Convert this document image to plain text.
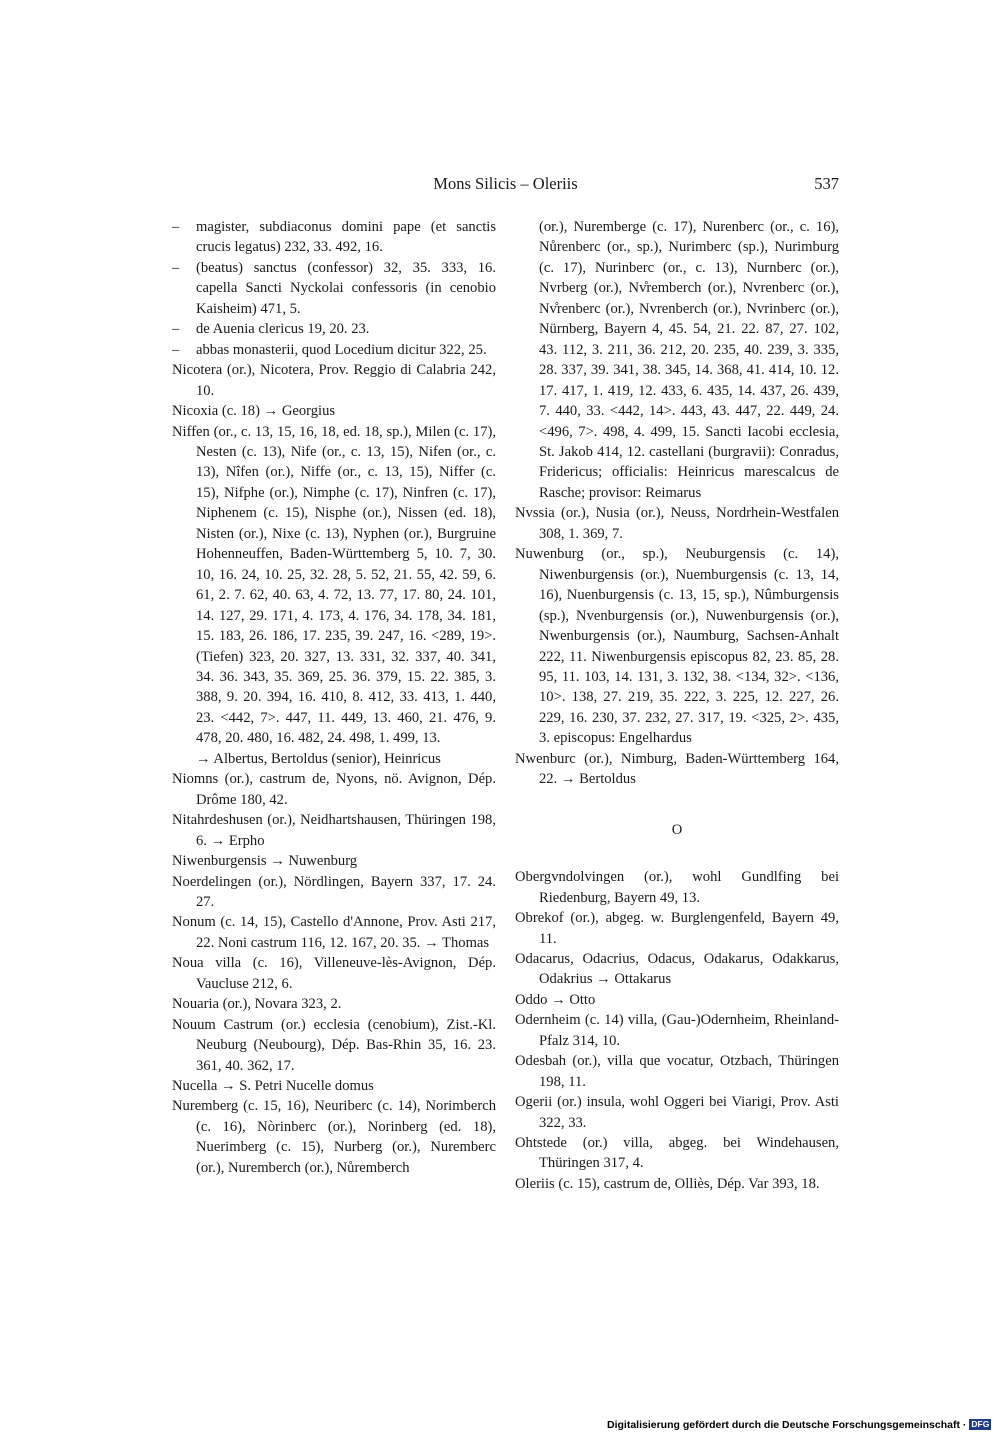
Mons Silicis – Oleriis	537

– magister, subdiaconus domini pape (et sanctis crucis legatus) 232, 33. 492, 16.

– (beatus) sanctus (confessor) 32, 35. 333, 16. capella Sancti Nyckolai confessoris (in cenobio Kaisheim) 471, 5.

– de Auenia clericus 19, 20. 23.

– abbas monasterii, quod Locedium dicitur 322, 25.

Nicotera (or.), Nicotera, Prov. Reggio di Calabria 242, 10.

Nicoxia (c. 18) → Georgius

Niffen (or., c. 13, 15, 16, 18, ed. 18, sp.), Milen (c. 17), Nesten (c. 13), Nife (or., c. 13, 15), Nifen (or., c. 13), Nîfen (or.), Niffe (or., c. 13, 15), Niffer (c. 15), Nifphe (or.), Nimphe (c. 17), Ninfren (c. 17), Niphenem (c. 15), Nisphe (or.), Nissen (ed. 18), Nisten (or.), Nixe (c. 13), Nyphen (or.), Burgruine Hohenneuffen, Baden-Württemberg 5, 10. 7, 30. 10, 16. 24, 10. 25, 32. 28, 5. 52, 21. 55, 42. 59, 6. 61, 2. 7. 62, 40. 63, 4. 72, 13. 77, 17. 80, 24. 101, 14. 127, 29. 171, 4. 173, 4. 176, 34. 178, 34. 181, 15. 183, 26. 186, 17. 235, 39. 247, 16. <289, 19>. (Tiefen) 323, 20. 327, 13. 331, 32. 337, 40. 341, 34. 36. 343, 35. 369, 25. 36. 379, 15. 22. 385, 3. 388, 9. 20. 394, 16. 410, 8. 412, 33. 413, 1. 440, 23. <442, 7>. 447, 11. 449, 13. 460, 21. 476, 9. 478, 20. 480, 16. 482, 24. 498, 1. 499, 13.

→ Albertus, Bertoldus (senior), Heinricus

Niomns (or.), castrum de, Nyons, nö. Avignon, Dép. Drôme 180, 42.

Nitahrdeshusen (or.), Neidhartshausen, Thüringen 198, 6. → Erpho

Niwenburgensis → Nuwenburg

Noerdelingen (or.), Nördlingen, Bayern 337, 17. 24. 27.

Nonum (c. 14, 15), Castello d'Annone, Prov. Asti 217, 22. Noni castrum 116, 12. 167, 20. 35. → Thomas

Noua villa (c. 16), Villeneuve-lès-Avignon, Dép. Vaucluse 212, 6.

Nouaria (or.), Novara 323, 2.

Nouum Castrum (or.) ecclesia (cenobium), Zist.-Kl. Neuburg (Neubourg), Dép. Bas-Rhin 35, 16. 23. 361, 40. 362, 17.

Nucella → S. Petri Nucelle domus

Nuremberg (c. 15, 16), Neuriberc (c. 14), Norimberch (c. 16), Nòrinberc (or.), Norinberg (ed. 18), Nuerimberg (c. 15), Nurberg (or.), Nuremberc (or.), Nuremberch (or.), Nůremberch

(or.), Nuremberge (c. 17), Nurenberc (or., c. 16), Nůrenberc (or., sp.), Nurimberc (sp.), Nurimburg (c. 17), Nurinberc (or., c. 13), Nurnberc (or.), Nvrberg (or.), Nv̊remberch (or.), Nvrenberc (or.), Nv̊renberc (or.), Nvrenberch (or.), Nvrinberc (or.), Nürnberg, Bayern 4, 45. 54, 21. 22. 87, 27. 102, 43. 112, 3. 211, 36. 212, 20. 235, 40. 239, 3. 335, 28. 337, 39. 341, 38. 345, 14. 368, 41. 414, 10. 12. 17. 417, 1. 419, 12. 433, 6. 435, 14. 437, 26. 439, 7. 440, 33. <442, 14>. 443, 43. 447, 22. 449, 24. <496, 7>. 498, 4. 499, 15. Sancti Iacobi ecclesia, St. Jakob 414, 12. castellani (burgravii): Conradus, Fridericus; officialis: Heinricus marescalcus de Rasche; provisor: Reimarus

Nvssia (or.), Nusia (or.), Neuss, Nordrhein-Westfalen 308, 1. 369, 7.

Nuwenburg (or., sp.), Neuburgensis (c. 14), Niwenburgensis (or.), Nuemburgensis (c. 13, 14, 16), Nuenburgensis (c. 13, 15, sp.), Nûmburgensis (sp.), Nvenburgensis (or.), Nuwenburgensis (or.), Nwenburgensis (or.), Naumburg, Sachsen-Anhalt 222, 11. Niwenburgensis episcopus 82, 23. 85, 28. 95, 11. 103, 14. 131, 3. 132, 38. <134, 32>. <136, 10>. 138, 27. 219, 35. 222, 3. 225, 12. 227, 26. 229, 16. 230, 37. 232, 27. 317, 19. <325, 2>. 435, 3. episcopus: Engelhardus

Nwenburc (or.), Nimburg, Baden-Württemberg 164, 22. → Bertoldus

O

Obergvndolvingen (or.), wohl Gundlfing bei Riedenburg, Bayern 49, 13.

Obrekof (or.), abgeg. w. Burglengenfeld, Bayern 49, 11.

Odacarus, Odacrius, Odacus, Odakarus, Odakkarus, Odakrius → Ottakarus

Oddo → Otto

Odernheim (c. 14) villa, (Gau-)Odernheim, Rheinland-Pfalz 314, 10.

Odesbah (or.), villa que vocatur, Otzbach, Thüringen 198, 11.

Ogerii (or.) insula, wohl Oggeri bei Viarigi, Prov. Asti 322, 33.

Ohtstede (or.) villa, abgeg. bei Windehausen, Thüringen 317, 4.

Oleriis (c. 15), castrum de, Olliès, Dép. Var 393, 18.

Digitalisierung gefördert durch die Deutsche Forschungsgemeinschaft · DFG
